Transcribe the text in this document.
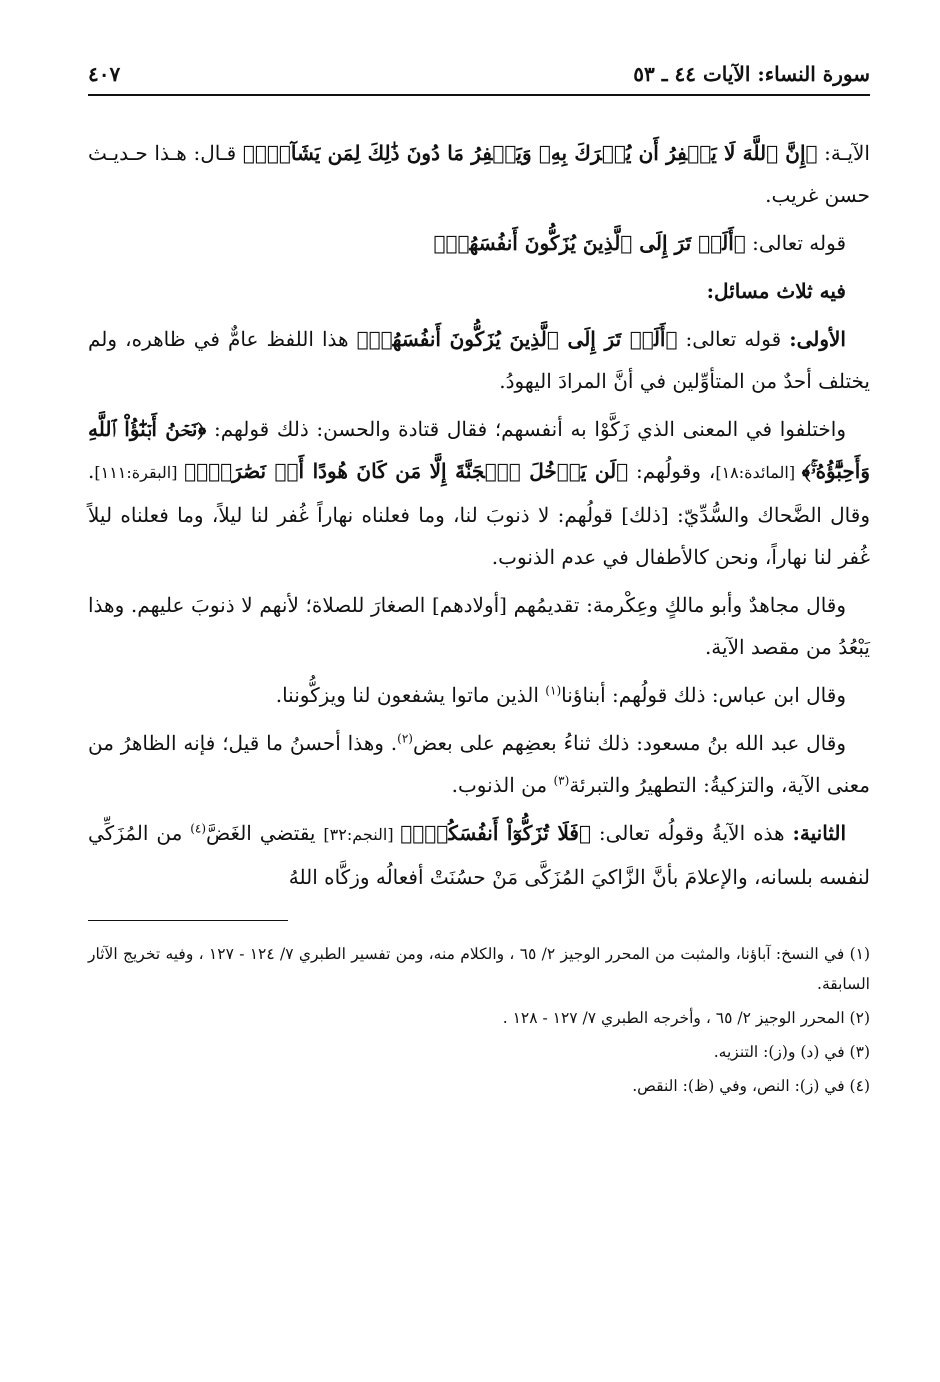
سورة النساء: الآيات ٤٤ ـ ٥٣
٤٠٧

الآيـة: ﴿إِنَّ ٱللَّهَ لَا يَغۡفِرُ أَن يُشۡرَكَ بِهِۦ وَيَغۡفِرُ مَا دُونَ ذَٰلِكَ لِمَن يَشَآءُۚ﴾ قـال: هـذا حـديـث حسن غريب.

قوله تعالى: ﴿أَلَمۡ تَرَ إِلَى ٱلَّذِينَ يُزَكُّونَ أَنفُسَهُمۚ﴾

فيه ثلاث مسائل:

الأولى: قوله تعالى: ﴿أَلَمۡ تَرَ إِلَى ٱلَّذِينَ يُزَكُّونَ أَنفُسَهُمۚ﴾ هذا اللفظ عامٌّ في ظاهره، ولم يختلف أحدٌ من المتأوِّلين في أنَّ المرادَ اليهودُ.

واختلفوا في المعنى الذي زَكَّوْا به أنفسهم؛ فقال قتادة والحسن: ذلك قولهم: ﴿نَحۡنُ أَبۡنَٰٓؤُاْ ٱللَّهِ وَأَحِبَّٰٓؤُهُۥۚ﴾ [المائدة:١٨]، وقولُهم: ﴿لَن يَدۡخُلَ ٱلۡجَنَّةَ إِلَّا مَن كَانَ هُودًا أَوۡ نَصَٰرَىٰۗ﴾ [البقرة:١١١]. وقال الضَّحاك والسُّدِّيّ: [ذلك] قولُهم: لا ذنوبَ لنا، وما فعلناه نهاراً غُفر لنا ليلاً، وما فعلناه ليلاً غُفر لنا نهاراً، ونحن كالأطفال في عدم الذنوب.

وقال مجاهدٌ وأبو مالكٍ وعِكْرمة: تقديمُهم [أولادهم] الصغارَ للصلاة؛ لأنهم لا ذنوبَ عليهم. وهذا يَبْعُدُ من مقصد الآية.

وقال ابن عباس: ذلك قولُهم: أبناؤنا$^{(١)}$ الذين ماتوا يشفعون لنا ويزكُّوننا.

وقال عبد الله بنُ مسعود: ذلك ثناءُ بعضِهم على بعض$^{(٢)}$. وهذا أحسنُ ما قيل؛ فإنه الظاهرُ من معنى الآية، والتزكيةُ: التطهيرُ والتبرئة$^{(٣)}$ من الذنوب.

الثانية: هذه الآيةُ وقولُه تعالى: ﴿فَلَا تُزَكُّوٓاْ أَنفُسَكُمۡۖ﴾ [النجم:٣٢] يقتضي الغَضَّ$^{(٤)}$ من المُزَكِّي لنفسه بلسانه، والإعلامَ بأنَّ الزَّاكيَ المُزَكَّى مَنْ حسُنَتْ أفعالُه وزكَّاه اللهُ

(١) في النسخ: آباؤنا، والمثبت من المحرر الوجيز ٢/ ٦٥ ، والكلام منه، ومن تفسير الطبري ٧/ ١٢٤ - ١٢٧ ، وفيه تخريج الآثار السابقة.

(٢) المحرر الوجيز ٢/ ٦٥ ، وأخرجه الطبري ٧/ ١٢٧ - ١٢٨ .

(٣) في (د) و(ز): التنزيه.

(٤) في (ز): النص، وفي (ظ): النقص.
